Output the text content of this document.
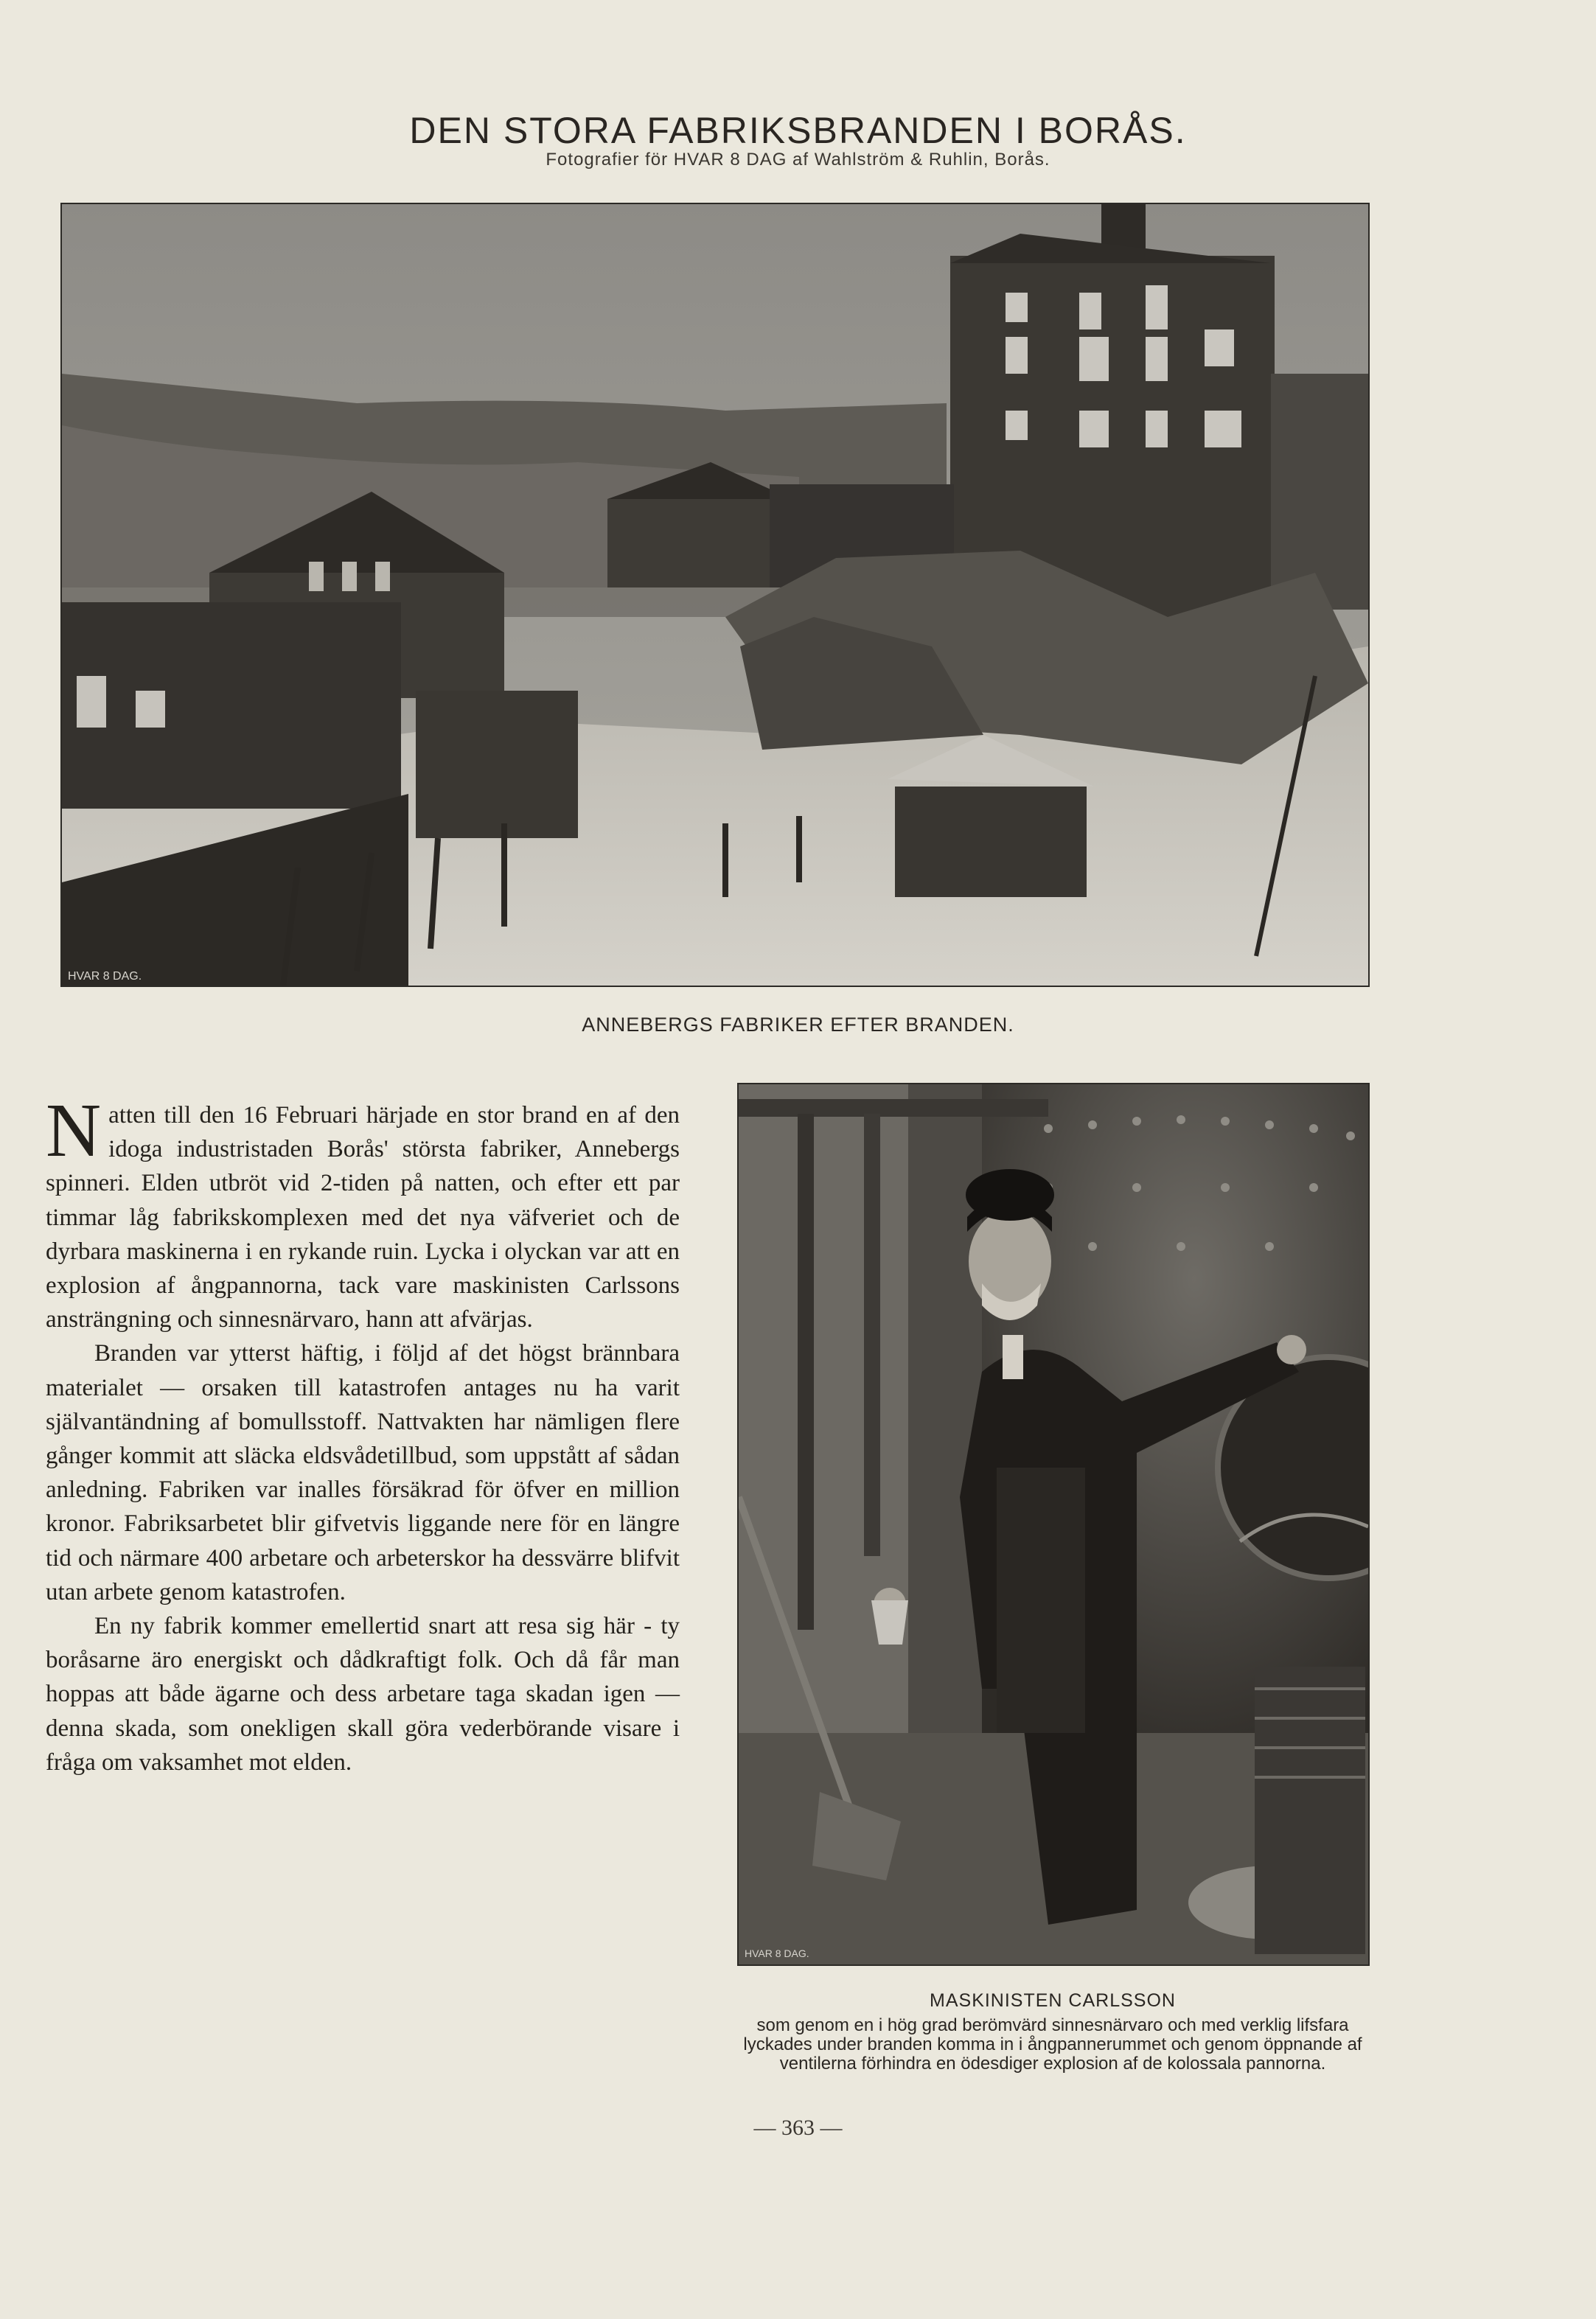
DEN STORA FABRIKSBRANDEN I BORÅS.
Fotografier för HVAR 8 DAG af Wahlström & Ruhlin, Borås.
HVAR 8 DAG.
ANNEBERGS FABRIKER EFTER BRANDEN.

Natten till den 16 Februari härjade en stor brand en af den idoga industristaden Borås' största fabriker, Annebergs spinneri. Elden utbröt vid 2-tiden på natten, och efter ett par timmar låg fabrikskomplexen med det nya väfveriet och de dyrbara maskinerna i en rykande ruin. Lycka i olyckan var att en explosion af ångpannorna, tack vare maskinisten Carlssons ansträngning och sinnesnärvaro, hann att afvärjas.

Branden var ytterst häftig, i följd af det högst brännbara materialet — orsaken till katastrofen antages nu ha varit självantändning af bomullsstoff. Nattvakten har nämligen flere gånger kommit att släcka eldsvådetillbud, som uppstått af sådan anledning. Fabriken var inalles försäkrad för öfver en million kronor. Fabriksarbetet blir gifvetvis liggande nere för en längre tid och närmare 400 arbetare och arbeterskor ha dessvärre blifvit utan arbete genom katastrofen.

En ny fabrik kommer emellertid snart att resa sig här - ty boråsarne äro energiskt och dådkraftigt folk. Och då får man hoppas att både ägarne och dess arbetare taga skadan igen — denna skada, som onekligen skall göra vederbörande visare i fråga om vaksamhet mot elden.

HVAR 8 DAG.
MASKINISTEN CARLSSON
som genom en i hög grad berömvärd sinnesnärvaro och med verklig lifsfara lyckades under branden komma in i ångpannerummet och genom öppnande af ventilerna förhindra en ödesdiger explosion af de kolossala pannorna.
— 363 —
